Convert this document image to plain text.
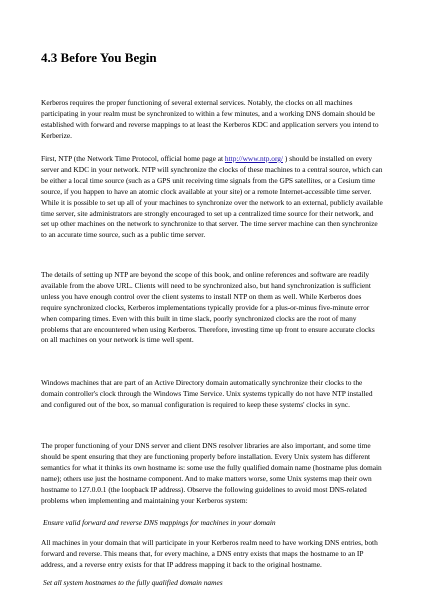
4.3 Before You Begin

Kerberos requires the proper functioning of several external services. Notably, the clocks on all machines participating in your realm must be synchronized to within a few minutes, and a working DNS domain should be established with forward and reverse mappings to at least the Kerberos KDC and application servers you intend to Kerberize.

First, NTP (the Network Time Protocol, official home page at http://www.ntp.org/ ) should be installed on every server and KDC in your network. NTP will synchronize the clocks of these machines to a central source, which can be either a local time source (such as a GPS unit receiving time signals from the GPS satellites, or a Cesium time source, if you happen to have an atomic clock available at your site) or a remote Internet-accessible time server. While it is possible to set up all of your machines to synchronize over the network to an external, publicly available time server, site administrators are strongly encouraged to set up a centralized time source for their network, and set up other machines on the network to synchronize to that server. The time server machine can then synchronize to an accurate time source, such as a public time server.

The details of setting up NTP are beyond the scope of this book, and online references and software are readily available from the above URL. Clients will need to be synchronized also, but hand synchronization is sufficient unless you have enough control over the client systems to install NTP on them as well. While Kerberos does require synchronized clocks, Kerberos implementations typically provide for a plus-or-minus five-minute error when comparing times. Even with this built in time slack, poorly synchronized clocks are the root of many problems that are encountered when using Kerberos. Therefore, investing time up front to ensure accurate clocks on all machines on your network is time well spent.

Windows machines that are part of an Active Directory domain automatically synchronize their clocks to the domain controller's clock through the Windows Time Service. Unix systems typically do not have NTP installed and configured out of the box, so manual configuration is required to keep these systems' clocks in sync.

The proper functioning of your DNS server and client DNS resolver libraries are also important, and some time should be spent ensuring that they are functioning properly before installation. Every Unix system has different semantics for what it thinks its own hostname is: some use the fully qualified domain name (hostname plus domain name); others use just the hostname component. And to make matters worse, some Unix systems map their own hostname to 127.0.0.1 (the loopback IP address). Observe the following guidelines to avoid most DNS-related problems when implementing and maintaining your Kerberos system:

Ensure valid forward and reverse DNS mappings for machines in your domain

All machines in your domain that will participate in your Kerberos realm need to have working DNS entries, both forward and reverse. This means that, for every machine, a DNS entry exists that maps the hostname to an IP address, and a reverse entry exists for that IP address mapping it back to the original hostname.

Set all system hostnames to the fully qualified domain names
